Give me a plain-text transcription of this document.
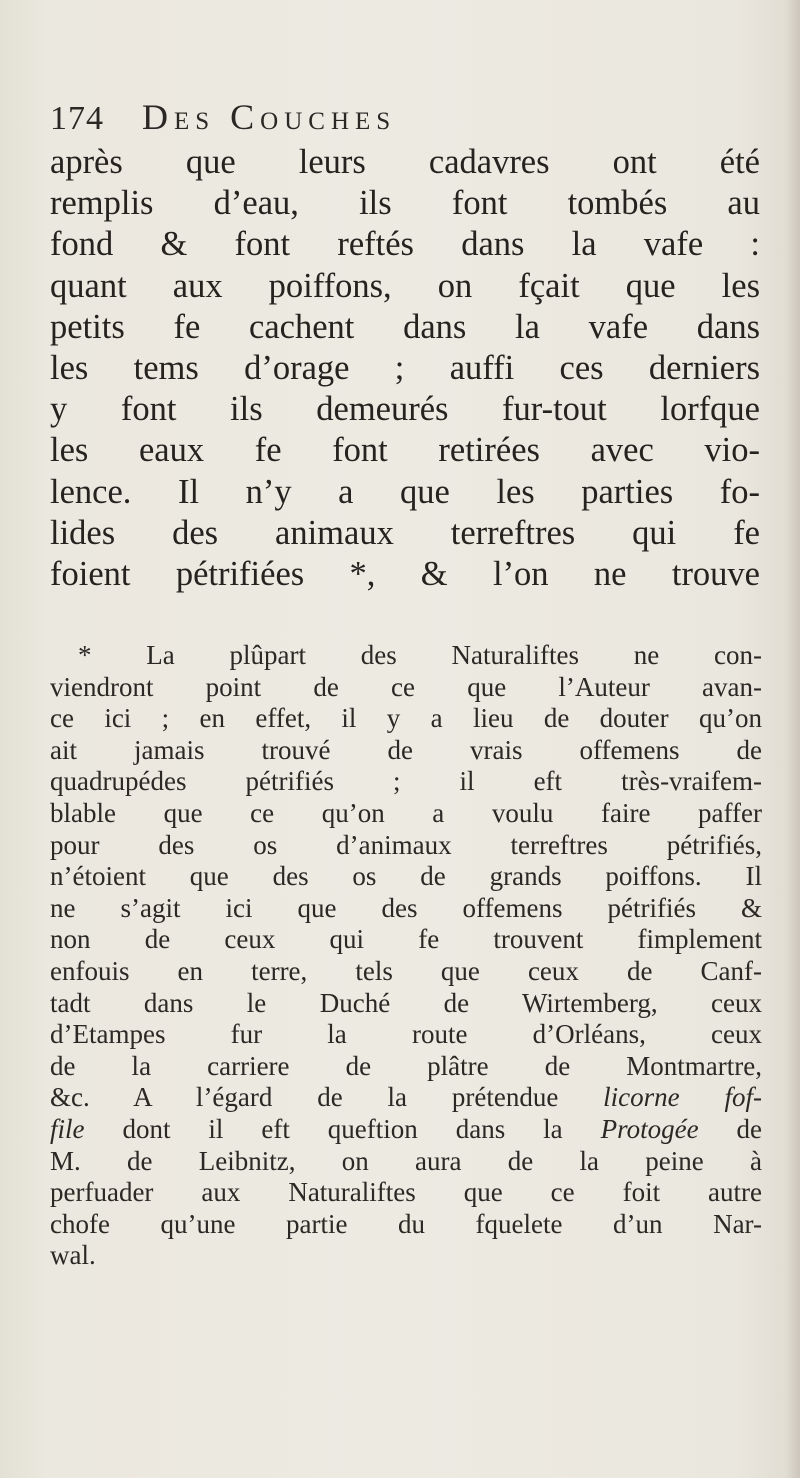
174 Des Couches
après que leurs cadavres ont été
remplis d’eau, ils font tombés au
fond & font reftés dans la vafe :
quant aux poiffons, on fçait que les
petits fe cachent dans la vafe dans
les tems d’orage ; auffi ces derniers
y font ils demeurés fur-tout lorfque
les eaux fe font retirées avec vio-
lence. Il n’y a que les parties fo-
lides des animaux terreftres qui fe
foient pétrifiées *, & l’on ne trouve
* La plûpart des Naturaliftes ne con-
viendront point de ce que l’Auteur avan-
ce ici ; en effet, il y a lieu de douter qu’on
ait jamais trouvé de vrais offemens de
quadrupédes pétrifiés ; il eft très-vraifem-
blable que ce qu’on a voulu faire paffer
pour des os d’animaux terreftres pétrifiés,
n’étoient que des os de grands poiffons. Il
ne s’agit ici que des offemens pétrifiés &
non de ceux qui fe trouvent fimplement
enfouis en terre, tels que ceux de Canf-
tadt dans le Duché de Wirtemberg, ceux
d’Etampes fur la route d’Orléans, ceux
de la carriere de plâtre de Montmartre,
&c. A l’égard de la prétendue licorne fof-
file dont il eft queftion dans la Protogée de
M. de Leibnitz, on aura de la peine à
perfuader aux Naturaliftes que ce foit autre
chofe qu’une partie du fquelete d’un Nar-
wal.
